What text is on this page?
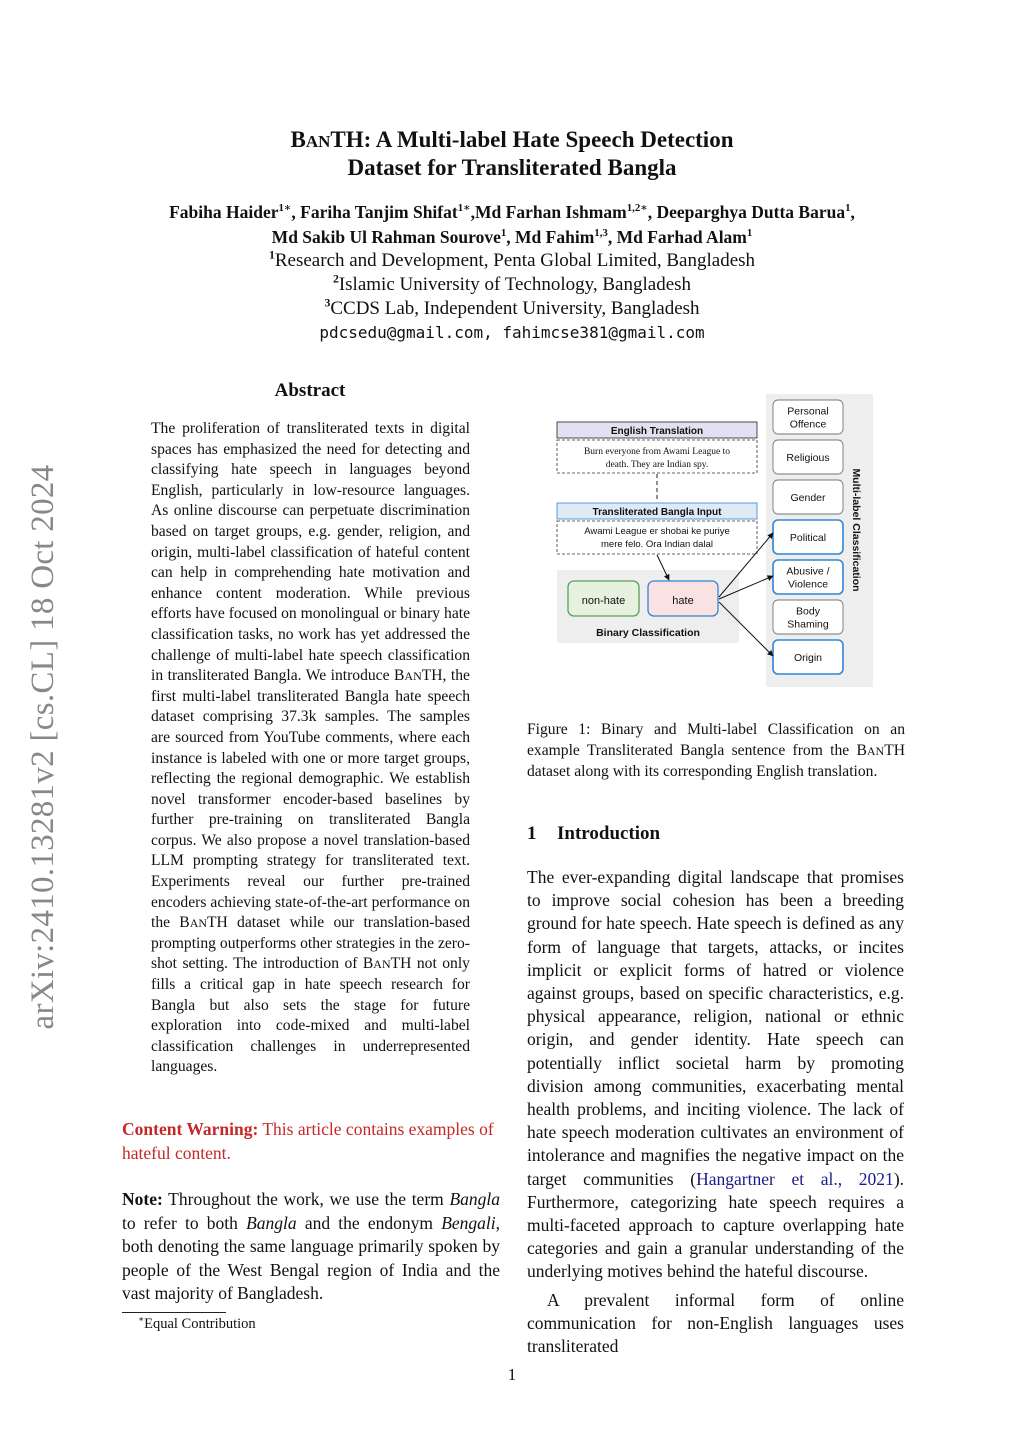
arXiv:2410.13281v2 [cs.CL] 18 Oct 2024
BANTH: A Multi-label Hate Speech Detection
Dataset for Transliterated Bangla
Fabiha Haider$^{1∗}$, Fariha Tanjim Shifat$^{1∗}$,Md Farhan Ishmam$^{1,2∗}$, Deeparghya Dutta Barua$^1$,
Md Sakib Ul Rahman Sourove$^1$, Md Fahim$^{1,3}$, Md Farhad Alam$^1$
$^1$Research and Development, Penta Global Limited, Bangladesh
$^2$Islamic University of Technology, Bangladesh
$^3$CCDS Lab, Independent University, Bangladesh
pdcsedu@gmail.com, fahimcse381@gmail.com
Abstract
The proliferation of transliterated texts in digital spaces has emphasized the need for detecting and classifying hate speech in languages beyond English, particularly in low-resource languages. As online discourse can perpetuate discrimination based on target groups, e.g. gender, religion, and origin, multi-label classification of hateful content can help in comprehending hate motivation and enhance content moderation. While previous efforts have focused on monolingual or binary hate classification tasks, no work has yet addressed the challenge of multi-label hate speech classification in transliterated Bangla. We introduce BANTH, the first multi-label transliterated Bangla hate speech dataset comprising 37.3k samples. The samples are sourced from YouTube comments, where each instance is labeled with one or more target groups, reflecting the regional demographic. We establish novel transformer encoder-based baselines by further pre-training on transliterated Bangla corpus. We also propose a novel translation-based LLM prompting strategy for transliterated text. Experiments reveal our further pre-trained encoders achieving state-of-the-art performance on the BANTH dataset while our translation-based prompting outperforms other strategies in the zero-shot setting. The introduction of BANTH not only fills a critical gap in hate speech research for Bangla but also sets the stage for future exploration into code-mixed and multi-label classification challenges in underrepresented languages.
Content Warning: This article contains examples of hateful content.
Note: Throughout the work, we use the term Bangla to refer to both Bangla and the endonym Bengali, both denoting the same language primarily spoken by people of the West Bengal region of India and the vast majority of Bangladesh.
∗Equal Contribution
Multi-label Classification
Personal
Offence
Religious
Gender
Political
Abusive /
Violence
Body
Shaming
Origin
English Translation
Burn everyone from Awami League to
death. They are Indian spy.
Transliterated Bangla Input
Awami League er shobai ke puriye
mere felo. Ora Indian dalal
non-hate	hate
Binary Classification
Figure 1: Binary and Multi-label Classification on an example Transliterated Bangla sentence from the BANTH dataset along with its corresponding English translation.
1 Introduction

The ever-expanding digital landscape that promises to improve social cohesion has been a breeding ground for hate speech. Hate speech is defined as any form of language that targets, attacks, or incites implicit or explicit forms of hatred or violence against groups, based on specific characteristics, e.g. physical appearance, religion, national or ethnic origin, and gender identity. Hate speech can potentially inflict societal harm by promoting division among communities, exacerbating mental health problems, and inciting violence. The lack of hate speech moderation cultivates an environment of intolerance and magnifies the negative impact on the target communities (Hangartner et al., 2021). Furthermore, categorizing hate speech requires a multi-faceted approach to capture overlapping hate categories and gain a granular understanding of the underlying motives behind the hateful discourse.

A prevalent informal form of online communication for non-English languages uses transliterated

1
